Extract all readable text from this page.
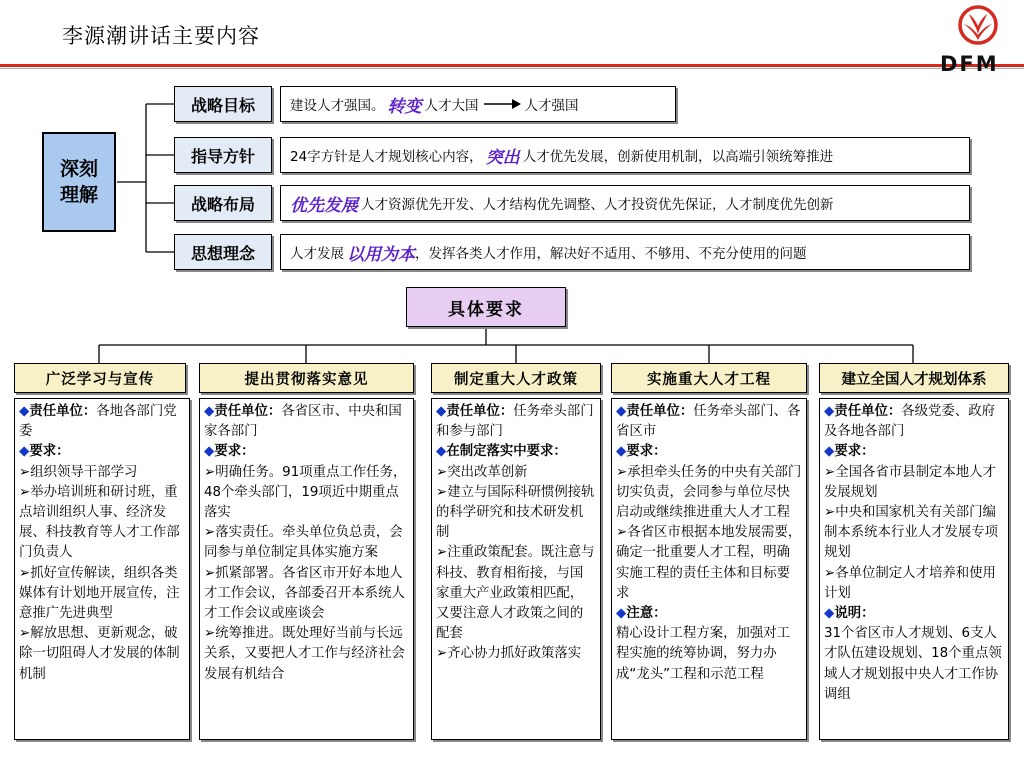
李源潮讲话主要内容
DFM
深刻理解
战略目标	建设人才强国。 转变 人才大国	人才强国
指导方针	24字方针是人才规划核心内容， 突出 人才优先发展，创新使用机制，以高端引领统筹推进
战略布局	优先发展 人才资源优先开发、人才结构优先调整、人才投资优先保证，人才制度优先创新
思想理念	人才发展 以用为本 ，发挥各类人才作用，解决好不适用、不够用、不充分使用的问题
具体要求
广泛学习与宣传	提出贯彻落实意见	制定重大人才政策	实施重大人才工程	建立全国人才规划体系

◆责任单位：各地各部门党委

◆要求：

➢组织领导干部学习

➢举办培训班和研讨班，重点培训组织人事、经济发展、科技教育等人才工作部门负责人

➢抓好宣传解读，组织各类媒体有计划地开展宣传，注意推广先进典型

➢解放思想、更新观念，破除一切阻碍人才发展的体制机制

◆责任单位：各省区市、中央和国家各部门

◆要求：

➢明确任务。91项重点工作任务，48个牵头部门，19项近中期重点落实

➢落实责任。牵头单位负总责，会同参与单位制定具体实施方案

➢抓紧部署。各省区市开好本地人才工作会议，各部委召开本系统人才工作会议或座谈会

➢统筹推进。既处理好当前与长远关系，又要把人才工作与经济社会发展有机结合

◆责任单位：任务牵头部门和参与部门

◆在制定落实中要求：

➢突出改革创新

➢建立与国际科研惯例接轨的科学研究和技术研发机制

➢注重政策配套。既注意与科技、教育相衔接，与国家重大产业政策相匹配，又要注意人才政策之间的配套

➢齐心协力抓好政策落实

◆责任单位：任务牵头部门、各省区市

◆要求：

➢承担牵头任务的中央有关部门切实负责，会同参与单位尽快启动或继续推进重大人才工程

➢各省区市根据本地发展需要，确定一批重要人才工程，明确实施工程的责任主体和目标要求

◆注意：

精心设计工程方案，加强对工程实施的统筹协调，努力办成“龙头”工程和示范工程

◆责任单位：各级党委、政府及各地各部门

◆要求：

➢全国各省市县制定本地人才发展规划

➢中央和国家机关有关部门编制本系统本行业人才发展专项规划

➢各单位制定人才培养和使用计划

◆说明：

31个省区市人才规划、6支人才队伍建设规划、18个重点领域人才规划报中央人才工作协调组
